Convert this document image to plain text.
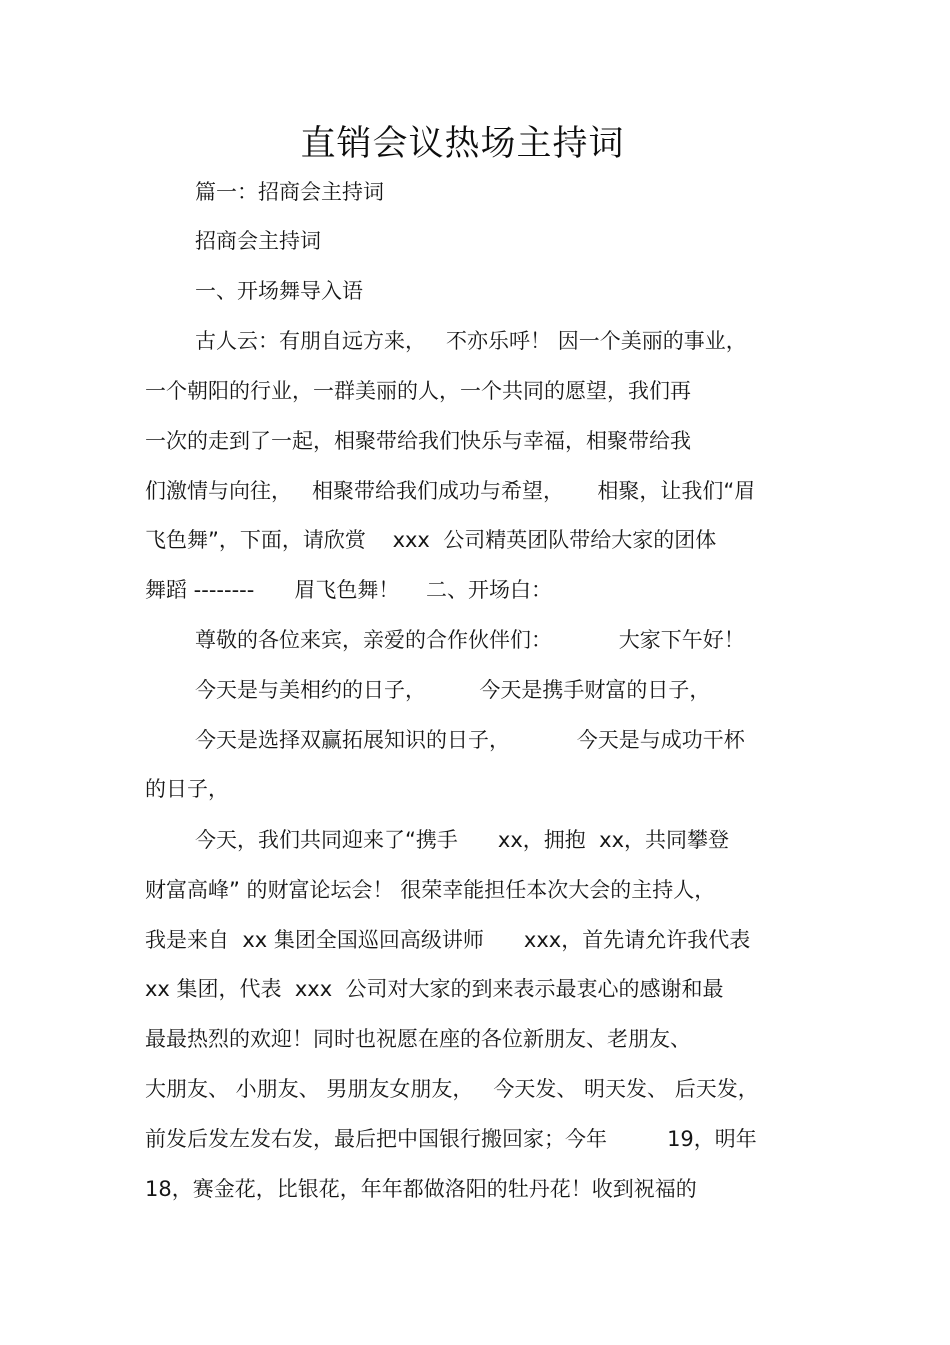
直销会议热场主持词
篇一：招商会主持词
招商会主持词
一、开场舞导入语
古人云：有朋自远方来，   不亦乐呼！ 因一个美丽的事业，
一个朝阳的行业，一群美丽的人，一个共同的愿望，我们再
一次的走到了一起，相聚带给我们快乐与幸福，相聚带给我
们激情与向往，   相聚带给我们成功与希望，     相聚，让我们“眉
飞色舞”，下面，请欣赏    xxx  公司精英团队带给大家的团体
舞蹈 --------      眉飞色舞！    二、开场白：
尊敬的各位来宾，亲爱的合作伙伴们：          大家下午好！
今天是与美相约的日子，        今天是携手财富的日子，
今天是选择双赢拓展知识的日子，          今天是与成功干杯
的日子，
今天，我们共同迎来了“携手      xx，拥抱  xx，共同攀登
财富高峰” 的财富论坛会！ 很荣幸能担任本次大会的主持人，
我是来自  xx 集团全国巡回高级讲师      xxx，首先请允许我代表
xx 集团，代表  xxx  公司对大家的到来表示最衷心的感谢和最
最最热烈的欢迎！同时也祝愿在座的各位新朋友、老朋友、
大朋友、 小朋友、 男朋友女朋友，   今天发、 明天发、 后天发，
前发后发左发右发，最后把中国银行搬回家；今年         19，明年
18，赛金花，比银花，年年都做洛阳的牡丹花！收到祝福的
